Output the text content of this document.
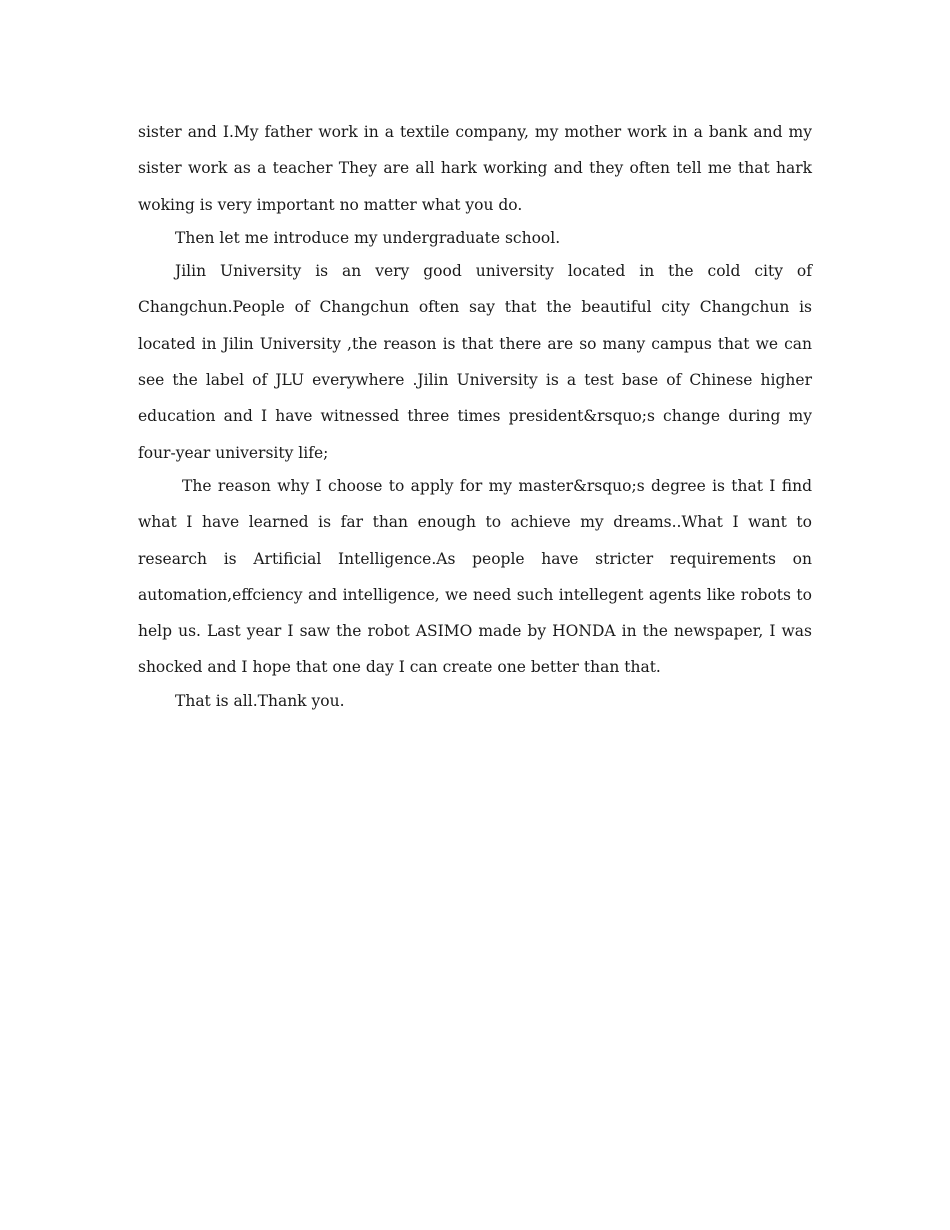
sister and I.My father work in a textile company, my mother work in a bank and my sister work as a teacher They are all hark working and they often tell me that hark woking is very important no matter what you do.

Then let me introduce my undergraduate school.

Jilin University is an very good university located in the cold city of Changchun.People of Changchun often say that the beautiful city Changchun is located in Jilin University ,the reason is that there are so many campus that we can see the label of JLU everywhere .Jilin University is a test base of Chinese higher education and I have witnessed three times president&rsquo;s change during my four-year university life;

The reason why I choose to apply for my master&rsquo;s degree is that I find what I have learned is far than enough to achieve my dreams..What I want to research is Artificial Intelligence.As people have stricter requirements on automation,effciency and intelligence, we need such intellegent agents like robots to help us. Last year I saw the robot ASIMO made by HONDA in the newspaper, I was shocked and I hope that one day I can create one better than that.

That is all.Thank you.
